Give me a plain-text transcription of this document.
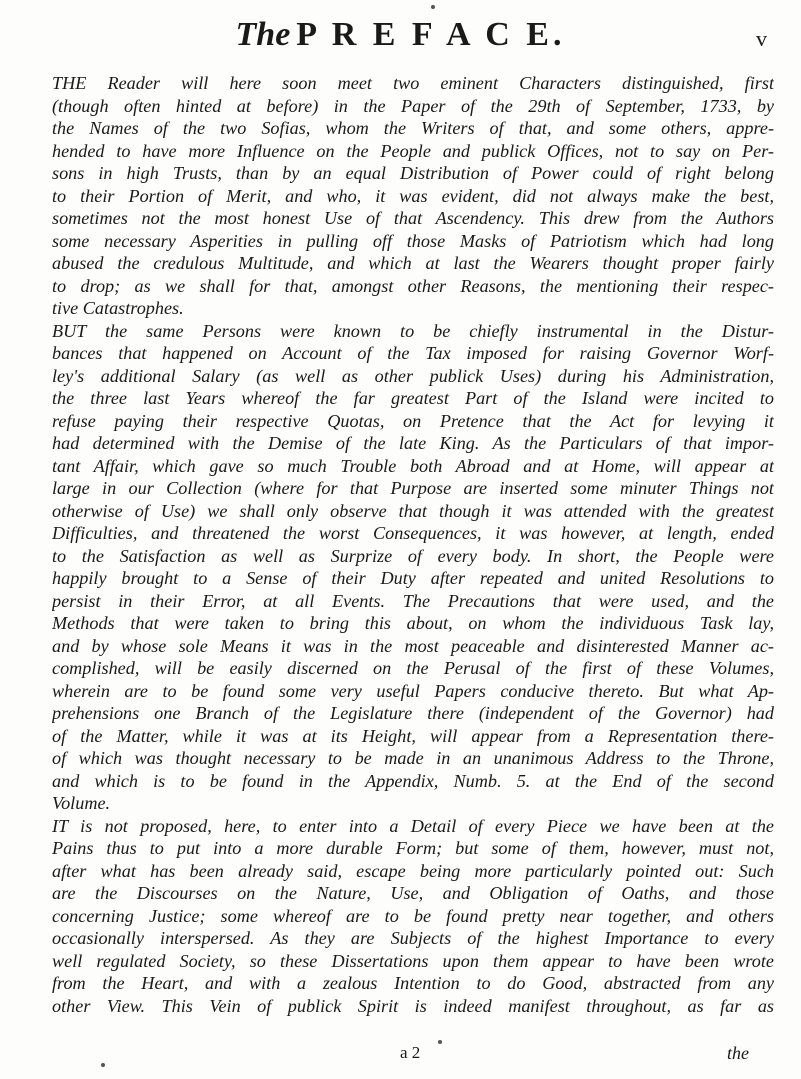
The P R E F A C E.	v

THE Reader will here soon meet two eminent Characters distinguished, first
(though often hinted at before) in the Paper of the 29th of September, 1733, by
the Names of the two Sofias, whom the Writers of that, and some others, appre-
hended to have more Influence on the People and publick Offices, not to say on Per-
sons in high Trusts, than by an equal Distribution of Power could of right belong
to their Portion of Merit, and who, it was evident, did not always make the best,
sometimes not the most honest Use of that Ascendency. This drew from the Authors
some necessary Asperities in pulling off those Masks of Patriotism which had long
abused the credulous Multitude, and which at last the Wearers thought proper fairly
to drop; as we shall for that, amongst other Reasons, the mentioning their respec-
tive Catastrophes.

BUT the same Persons were known to be chiefly instrumental in the Distur-
bances that happened on Account of the Tax imposed for raising Governor Worf-
ley's additional Salary (as well as other publick Uses) during his Administration,
the three last Years whereof the far greatest Part of the Island were incited to
refuse paying their respective Quotas, on Pretence that the Act for levying it
had determined with the Demise of the late King. As the Particulars of that impor-
tant Affair, which gave so much Trouble both Abroad and at Home, will appear at
large in our Collection (where for that Purpose are inserted some minuter Things not
otherwise of Use) we shall only observe that though it was attended with the greatest
Difficulties, and threatened the worst Consequences, it was however, at length, ended
to the Satisfaction as well as Surprize of every body. In short, the People were
happily brought to a Sense of their Duty after repeated and united Resolutions to
persist in their Error, at all Events. The Precautions that were used, and the
Methods that were taken to bring this about, on whom the individuous Task lay,
and by whose sole Means it was in the most peaceable and disinterested Manner ac-
complished, will be easily discerned on the Perusal of the first of these Volumes,
wherein are to be found some very useful Papers conducive thereto. But what Ap-
prehensions one Branch of the Legislature there (independent of the Governor) had
of the Matter, while it was at its Height, will appear from a Representation there-
of which was thought necessary to be made in an unanimous Address to the Throne,
and which is to be found in the Appendix, Numb. 5. at the End of the second
Volume.

IT is not proposed, here, to enter into a Detail of every Piece we have been at the
Pains thus to put into a more durable Form; but some of them, however, must not,
after what has been already said, escape being more particularly pointed out: Such
are the Discourses on the Nature, Use, and Obligation of Oaths, and those
concerning Justice; some whereof are to be found pretty near together, and others
occasionally interspersed. As they are Subjects of the highest Importance to every
well regulated Society, so these Dissertations upon them appear to have been wrote
from the Heart, and with a zealous Intention to do Good, abstracted from any
other View. This Vein of publick Spirit is indeed manifest throughout, as far as

a 2	the
